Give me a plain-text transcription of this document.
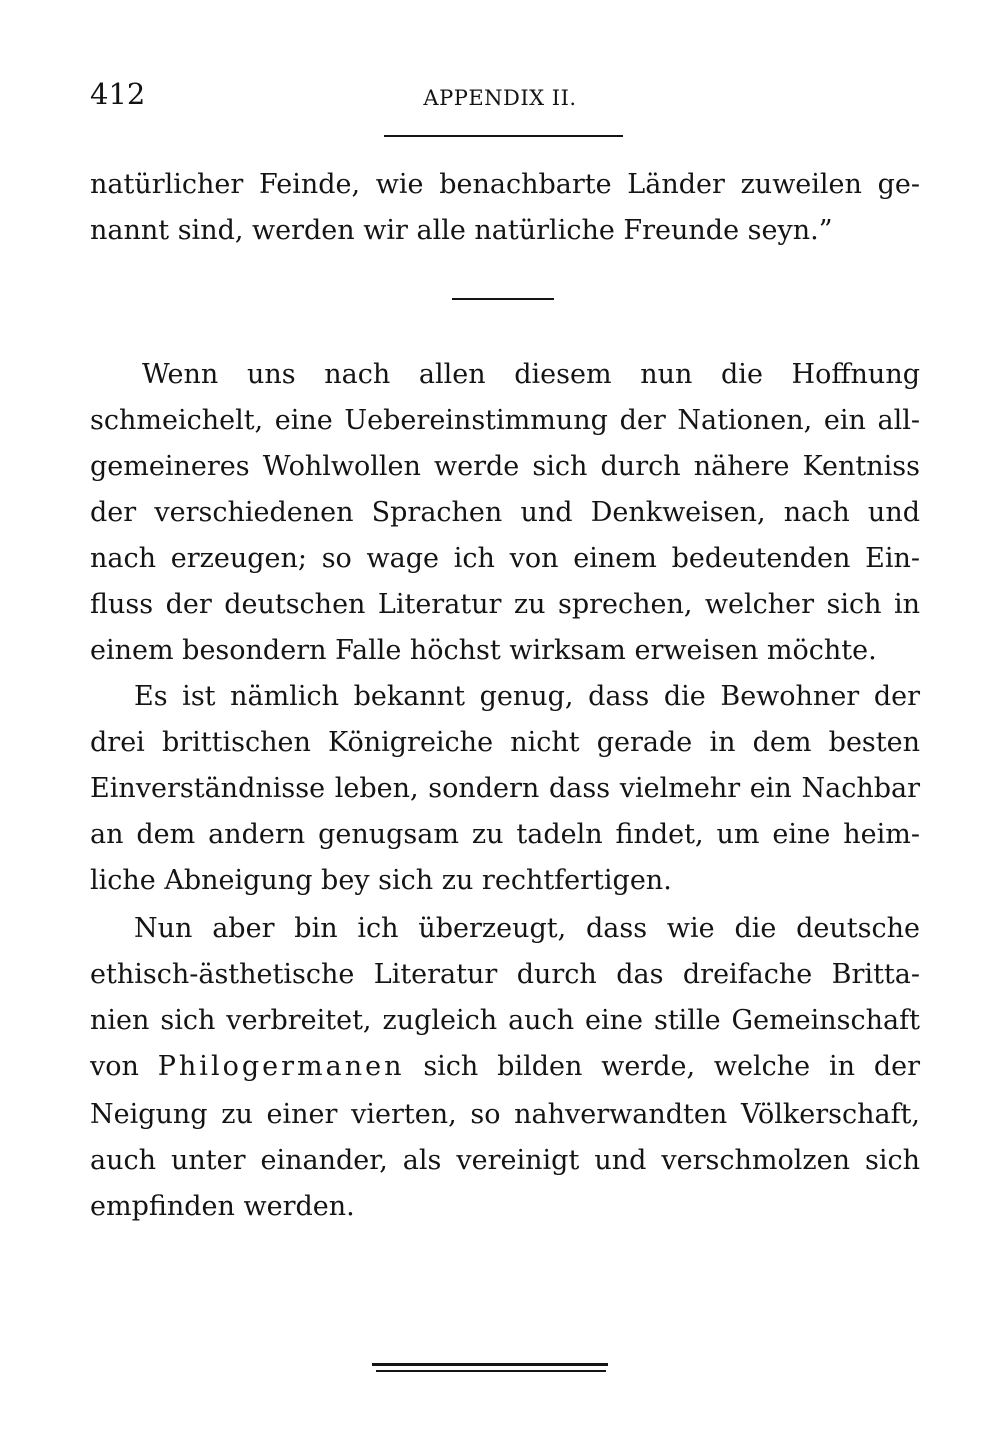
412	APPENDIX II.
natürlicher Feinde, wie benachbarte Länder zuweilen ge-
nannt sind, werden wir alle natürliche Freunde seyn.”
Wenn uns nach allen diesem nun die Hoffnung
schmeichelt, eine Uebereinstimmung der Nationen, ein all-
gemeineres Wohlwollen werde sich durch nähere Kentniss
der verschiedenen Sprachen und Denkweisen, nach und
nach erzeugen; so wage ich von einem bedeutenden Ein-
fluss der deutschen Literatur zu sprechen, welcher sich in
einem besondern Falle höchst wirksam erweisen möchte.
Es ist nämlich bekannt genug, dass die Bewohner der
drei brittischen Königreiche nicht gerade in dem besten
Einverständnisse leben, sondern dass vielmehr ein Nachbar
an dem andern genugsam zu tadeln findet, um eine heim-
liche Abneigung bey sich zu rechtfertigen.
Nun aber bin ich überzeugt, dass wie die deutsche
ethisch-ästhetische Literatur durch das dreifache Britta-
nien sich verbreitet, zugleich auch eine stille Gemeinschaft
von Philogermanen sich bilden werde, welche in der
Neigung zu einer vierten, so nahverwandten Völkerschaft,
auch unter einander, als vereinigt und verschmolzen sich
empfinden werden.
